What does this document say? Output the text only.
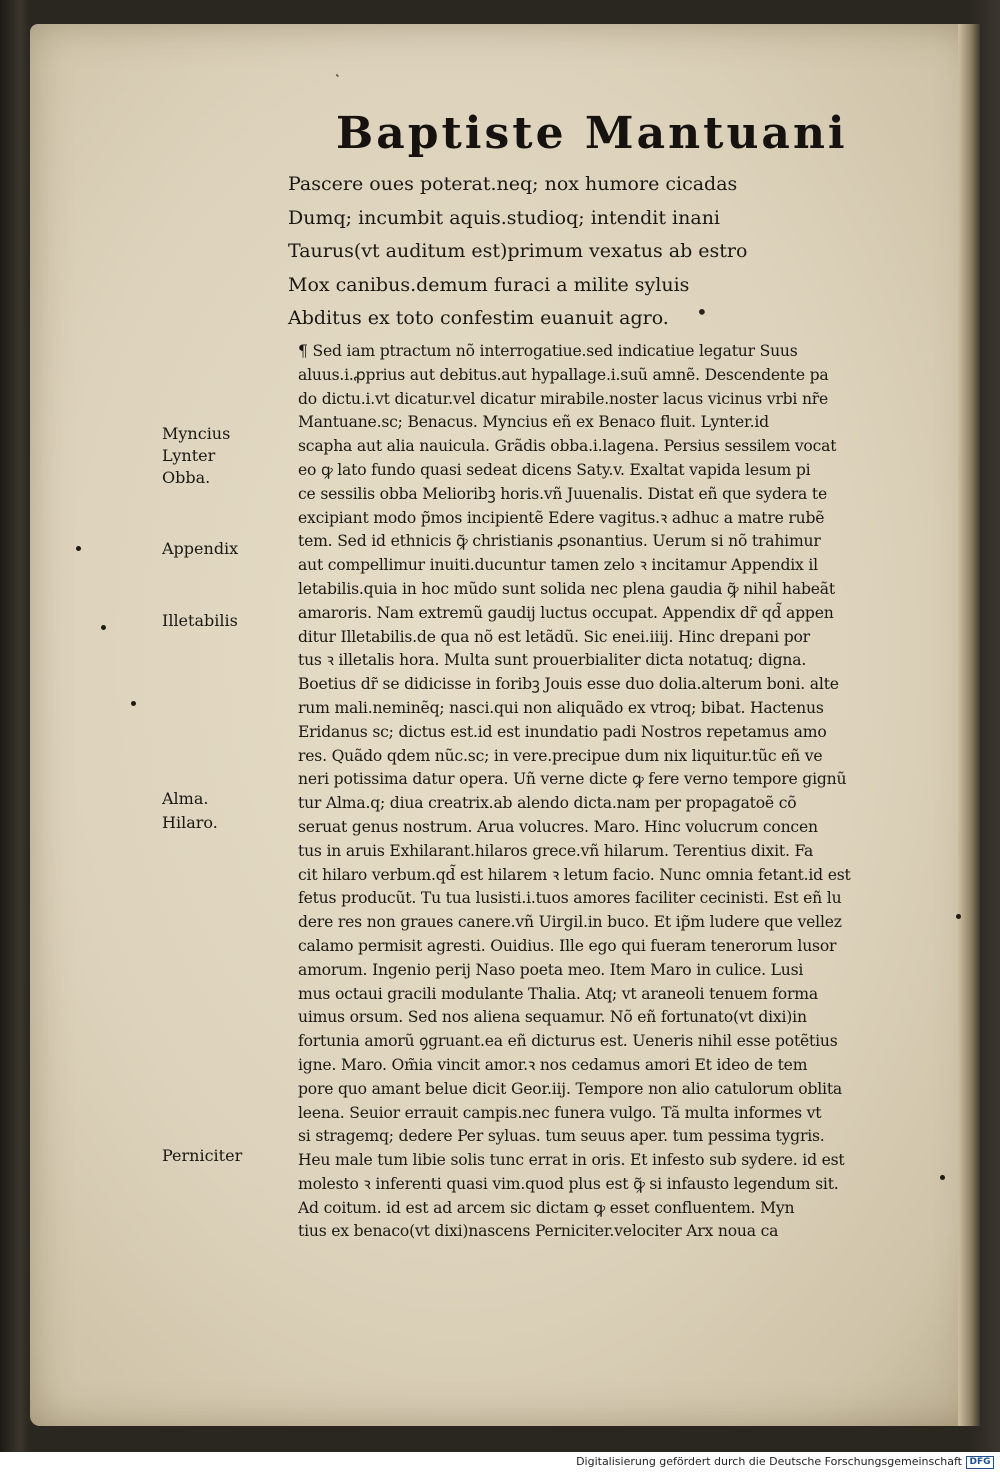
˛
•
Baptiste Mantuani
Pascere oues poterat.neq; nox humore cicadas
Dumq; incumbit aquis.studioq; intendit inani
Taurus(vt auditum est)primum vexatus ab estro
Mox canibus.demum furaci a milite syluis
Abditus ex toto confestim euanuit agro.
¶ Sed iam ptractum nõ interrogatiue.sed indicatiue legatur Suus
aluus.i.ꝓprius aut debitus.aut hypallage.i.suũ amnẽ. Descendente pa
do dictu.i.vt dicatur.vel dicatur mirabile.noster lacus vicinus vrbi nr̃e
Mantuane.sc; Benacus. Myncius eñ ex Benaco fluit. Lynter.id
scapha aut alia nauicula. Grãdis obba.i.lagena. Persius sessilem vocat
eo ꝙ lato fundo quasi sedeat dicens Saty.v. Exaltat vapida lesum pi
ce sessilis obba Melioribꝫ horis.vñ Juuenalis. Distat eñ que sydera te
excipiant modo p̃mos incipientẽ Edere vagitus.ꝛ adhuc a matre rubẽ
tem. Sed id ethnicis ꝙ̃ christianis ꝓsonantius. Uerum si nõ trahimur
aut compellimur inuiti.ducuntur tamen zelo ꝛ incitamur Appendix il
letabilis.quia in hoc mũdo sunt solida nec plena gaudia ꝙ̃ nihil habeãt
amaroris. Nam extremũ gaudij luctus occupat. Appendix dr̃ qd̃ appen
ditur Illetabilis.de qua nõ est letãdũ. Sic enei.iiij. Hinc drepani por
tus ꝛ illetalis hora. Multa sunt prouerbialiter dicta notatuq; digna.
Boetius dr̃ se didicisse in foribꝫ Jouis esse duo dolia.alterum boni. alte
rum mali.neminẽq; nasci.qui non aliquãdo ex vtroq; bibat. Hactenus
Eridanus sc; dictus est.id est inundatio padi Nostros repetamus amo
res. Quãdo qdem nũc.sc; in vere.precipue dum nix liquitur.tũc eñ ve
neri potissima datur opera. Uñ verne dicte ꝙ fere verno tempore gignũ
tur Alma.q; diua creatrix.ab alendo dicta.nam per propagatoẽ cõ
seruat genus nostrum. Arua volucres. Maro. Hinc volucrum concen
tus in aruis Exhilarant.hilaros grece.vñ hilarum. Terentius dixit. Fa
cit hilaro verbum.qd̃ est hilarem ꝛ letum facio. Nunc omnia fetant.id est
fetus producũt. Tu tua lusisti.i.tuos amores faciliter cecinisti. Est eñ lu
dere res non graues canere.vñ Uirgil.in buco. Et ip̃m ludere que vellez
calamo permisit agresti. Ouidius. Ille ego qui fueram tenerorum lusor
amorum. Ingenio perij Naso poeta meo. Item Maro in culice. Lusi
mus octaui gracili modulante Thalia. Atq; vt araneoli tenuem forma
uimus orsum. Sed nos aliena sequamur. Nõ eñ fortunato(vt dixi)in
fortunia amorũ ꝯgruant.ea eñ dicturus est. Ueneris nihil esse potẽtius
igne. Maro. Om̃ia vincit amor.ꝛ nos cedamus amori Et ideo de tem
pore quo amant belue dicit Geor.iij. Tempore non alio catulorum oblita
leena. Seuior errauit campis.nec funera vulgo. Tã multa informes vt
si stragemq; dedere Per syluas. tum seuus aper. tum pessima tygris.
Heu male tum libie solis tunc errat in oris. Et infesto sub sydere. id est
molesto ꝛ inferenti quasi vim.quod plus est ꝙ̃ si infausto legendum sit.
Ad coitum. id est ad arcem sic dictam ꝙ esset confluentem. Myn
tius ex benaco(vt dixi)nascens Perniciter.velociter Arx noua ca
Myncius
Lynter
Obba.
Appendix
Illetabilis
Alma.
Hilaro.
Perniciter
Digitalisierung gefördert durch die Deutsche Forschungsgemeinschaft DFG
